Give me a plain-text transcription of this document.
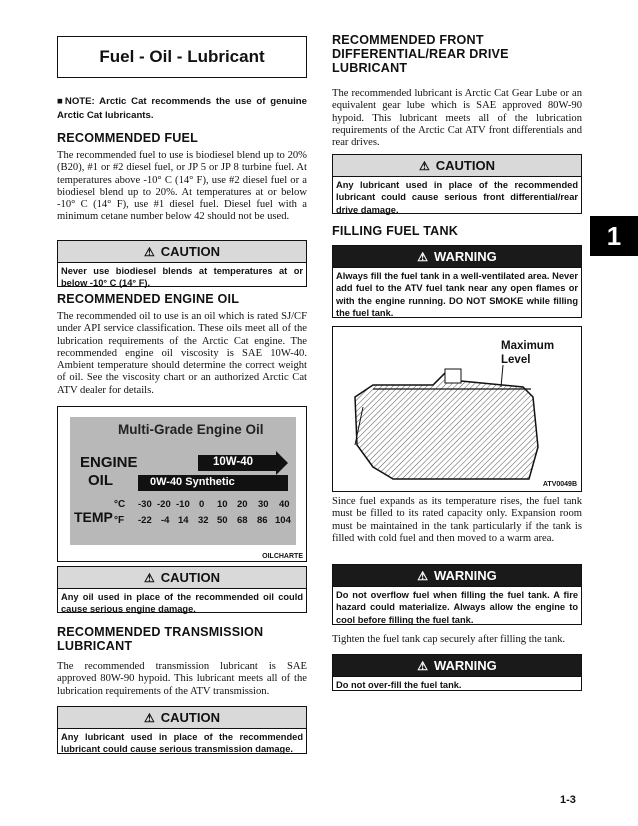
Fuel - Oil - Lubricant
■NOTE: Arctic Cat recommends the use of genuine Arctic Cat lubricants.
RECOMMENDED FUEL
The recommended fuel to use is biodiesel blend up to 20% (B20), #1 or #2 diesel fuel, or JP 5 or JP 8 turbine fuel. At temperatures above -10° C (14° F), use #2 diesel fuel or a biodiesel blend up to 20%. At temperatures at or below -10° C (14° F), use #1 diesel fuel. Diesel fuel with a minimum cetane number below 42 should not be used.
⚠ CAUTION
Never use biodiesel blends at temperatures at or below -10° C (14° F).
RECOMMENDED ENGINE OIL
The recommended oil to use is an oil which is rated SJ/CF under API service classification. These oils meet all of the lubrication requirements of the Arctic Cat engine. The recommended engine oil viscosity is SAE 10W-40. Ambient temperature should determine the correct weight of oil. See the viscosity chart or an authorized Arctic Cat ATV dealer for details.
Multi-Grade Engine Oil
ENGINE
OIL
10W-40
0W-40 Synthetic
TEMP
°C
°F
-30 -20 -10 0 10 20 30 40
-22 -4 14 32 50 68 86 104
OILCHARTE
⚠ CAUTION
Any oil used in place of the recommended oil could cause serious engine damage.
RECOMMENDED TRANSMISSION LUBRICANT
The recommended transmission lubricant is SAE approved 80W-90 hypoid. This lubricant meets all of the lubrication requirements of the ATV transmission.
⚠ CAUTION
Any lubricant used in place of the recommended lubricant could cause serious transmission damage.
RECOMMENDED FRONT DIFFERENTIAL/REAR DRIVE LUBRICANT
The recommended lubricant is Arctic Cat Gear Lube or an equivalent gear lube which is SAE approved 80W-90 hypoid. This lubricant meets all of the lubrication requirements of the Arctic Cat ATV front differentials and rear drives.
⚠ CAUTION
Any lubricant used in place of the recommended lubricant could cause serious front differential/rear drive damage.
FILLING FUEL TANK
⚠ WARNING
Always fill the fuel tank in a well-ventilated area. Never add fuel to the ATV fuel tank near any open flames or with the engine running. DO NOT SMOKE while filling the fuel tank.
Maximum
Level
ATV0049B
Since fuel expands as its temperature rises, the fuel tank must be filled to its rated capacity only. Expansion room must be maintained in the tank particularly if the tank is filled with cold fuel and then moved to a warm area.
⚠ WARNING
Do not overflow fuel when filling the fuel tank. A fire hazard could materialize. Always allow the engine to cool before filling the fuel tank.
Tighten the fuel tank cap securely after filling the tank.
⚠ WARNING
Do not over-fill the fuel tank.
1
1-3
